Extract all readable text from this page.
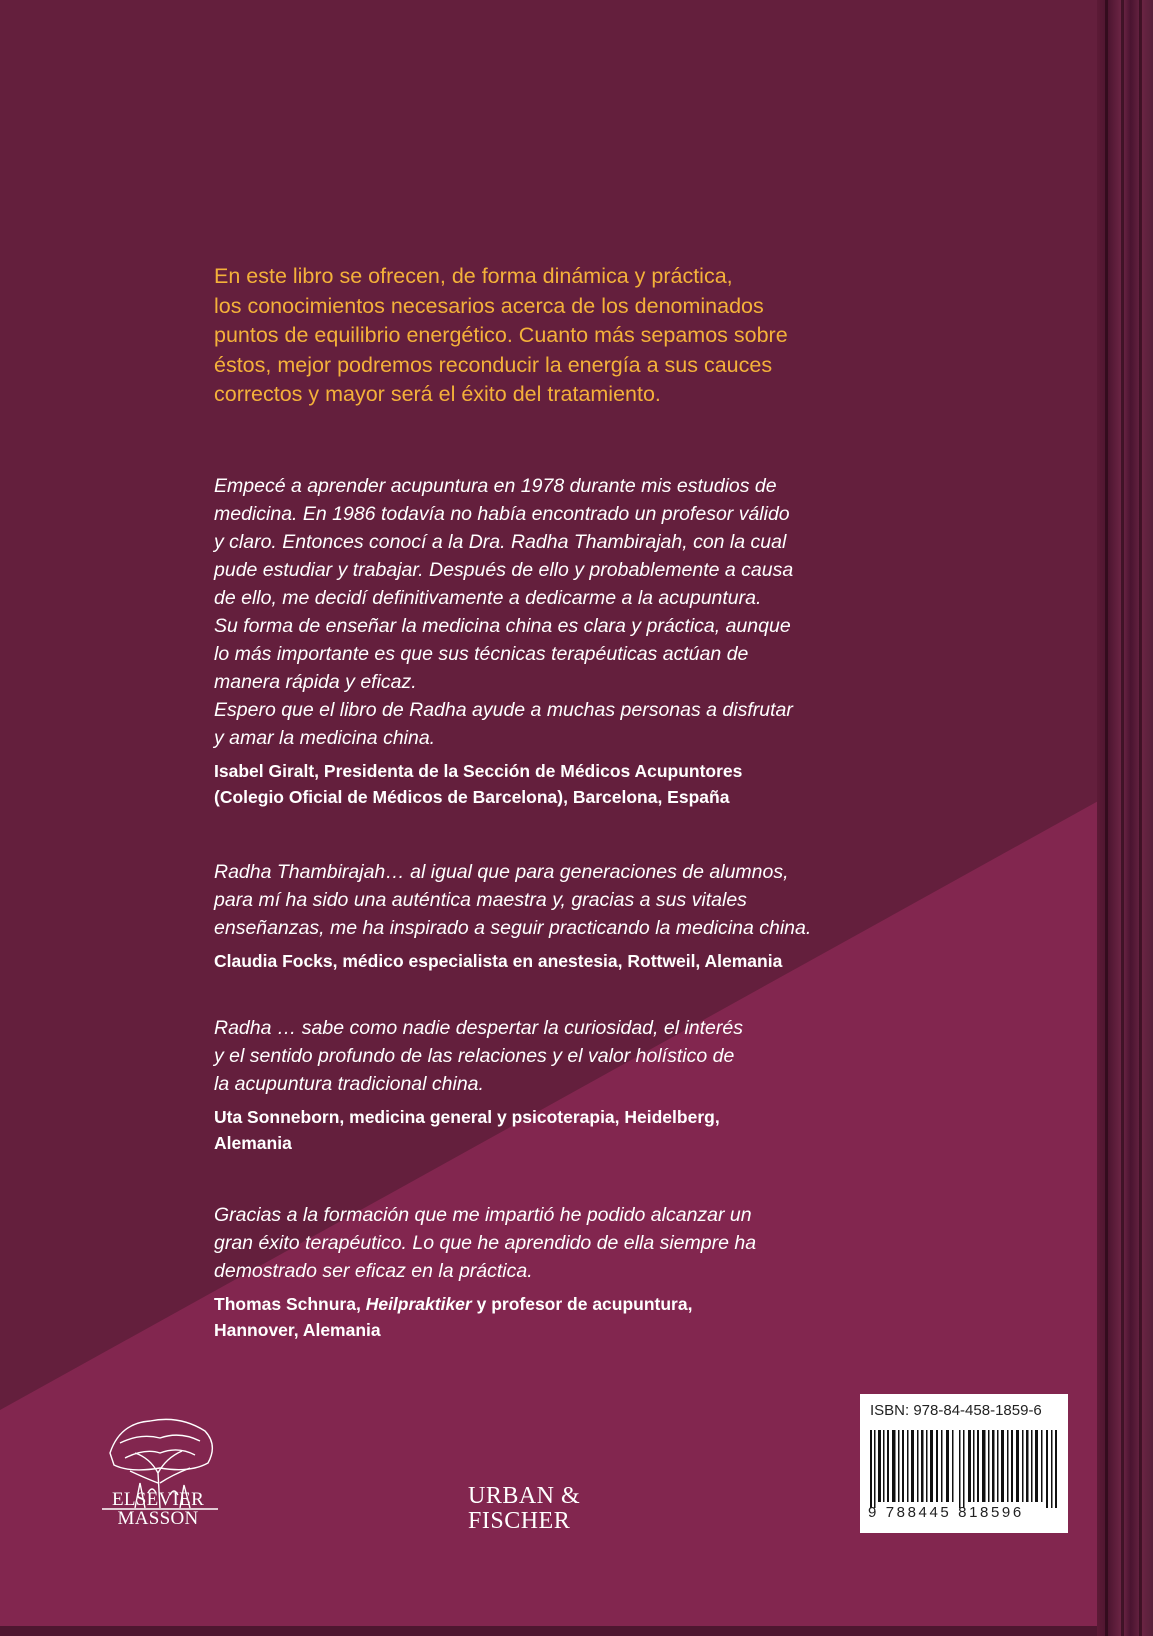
En este libro se ofrecen, de forma dinámica y práctica,
los conocimientos necesarios acerca de los denominados
puntos de equilibrio energético. Cuanto más sepamos sobre
éstos, mejor podremos reconducir la energía a sus cauces
correctos y mayor será el éxito del tratamiento.
Empecé a aprender acupuntura en 1978 durante mis estudios de
medicina. En 1986 todavía no había encontrado un profesor válido
y claro. Entonces conocí a la Dra. Radha Thambirajah, con la cual
pude estudiar y trabajar. Después de ello y probablemente a causa
de ello, me decidí definitivamente a dedicarme a la acupuntura.
Su forma de enseñar la medicina china es clara y práctica, aunque
lo más importante es que sus técnicas terapéuticas actúan de
manera rápida y eficaz.
Espero que el libro de Radha ayude a muchas personas a disfrutar
y amar la medicina china.
Isabel Giralt, Presidenta de la Sección de Médicos Acupuntores
(Colegio Oficial de Médicos de Barcelona), Barcelona, España
Radha Thambirajah… al igual que para generaciones de alumnos,
para mí ha sido una auténtica maestra y, gracias a sus vitales
enseñanzas, me ha inspirado a seguir practicando la medicina china.
Claudia Focks, médico especialista en anestesia, Rottweil, Alemania
Radha … sabe como nadie despertar la curiosidad, el interés
y el sentido profundo de las relaciones y el valor holístico de
la acupuntura tradicional china.
Uta Sonneborn, medicina general y psicoterapia, Heidelberg,
Alemania
Gracias a la formación que me impartió he podido alcanzar un
gran éxito terapéutico. Lo que he aprendido de ella siempre ha
demostrado ser eficaz en la práctica.
Thomas Schnura, Heilpraktiker y profesor de acupuntura,
Hannover, Alemania
ELSEVIER
MASSON
URBAN &
FISCHER
ISBN: 978-84-458-1859-6
9 788445 818596
